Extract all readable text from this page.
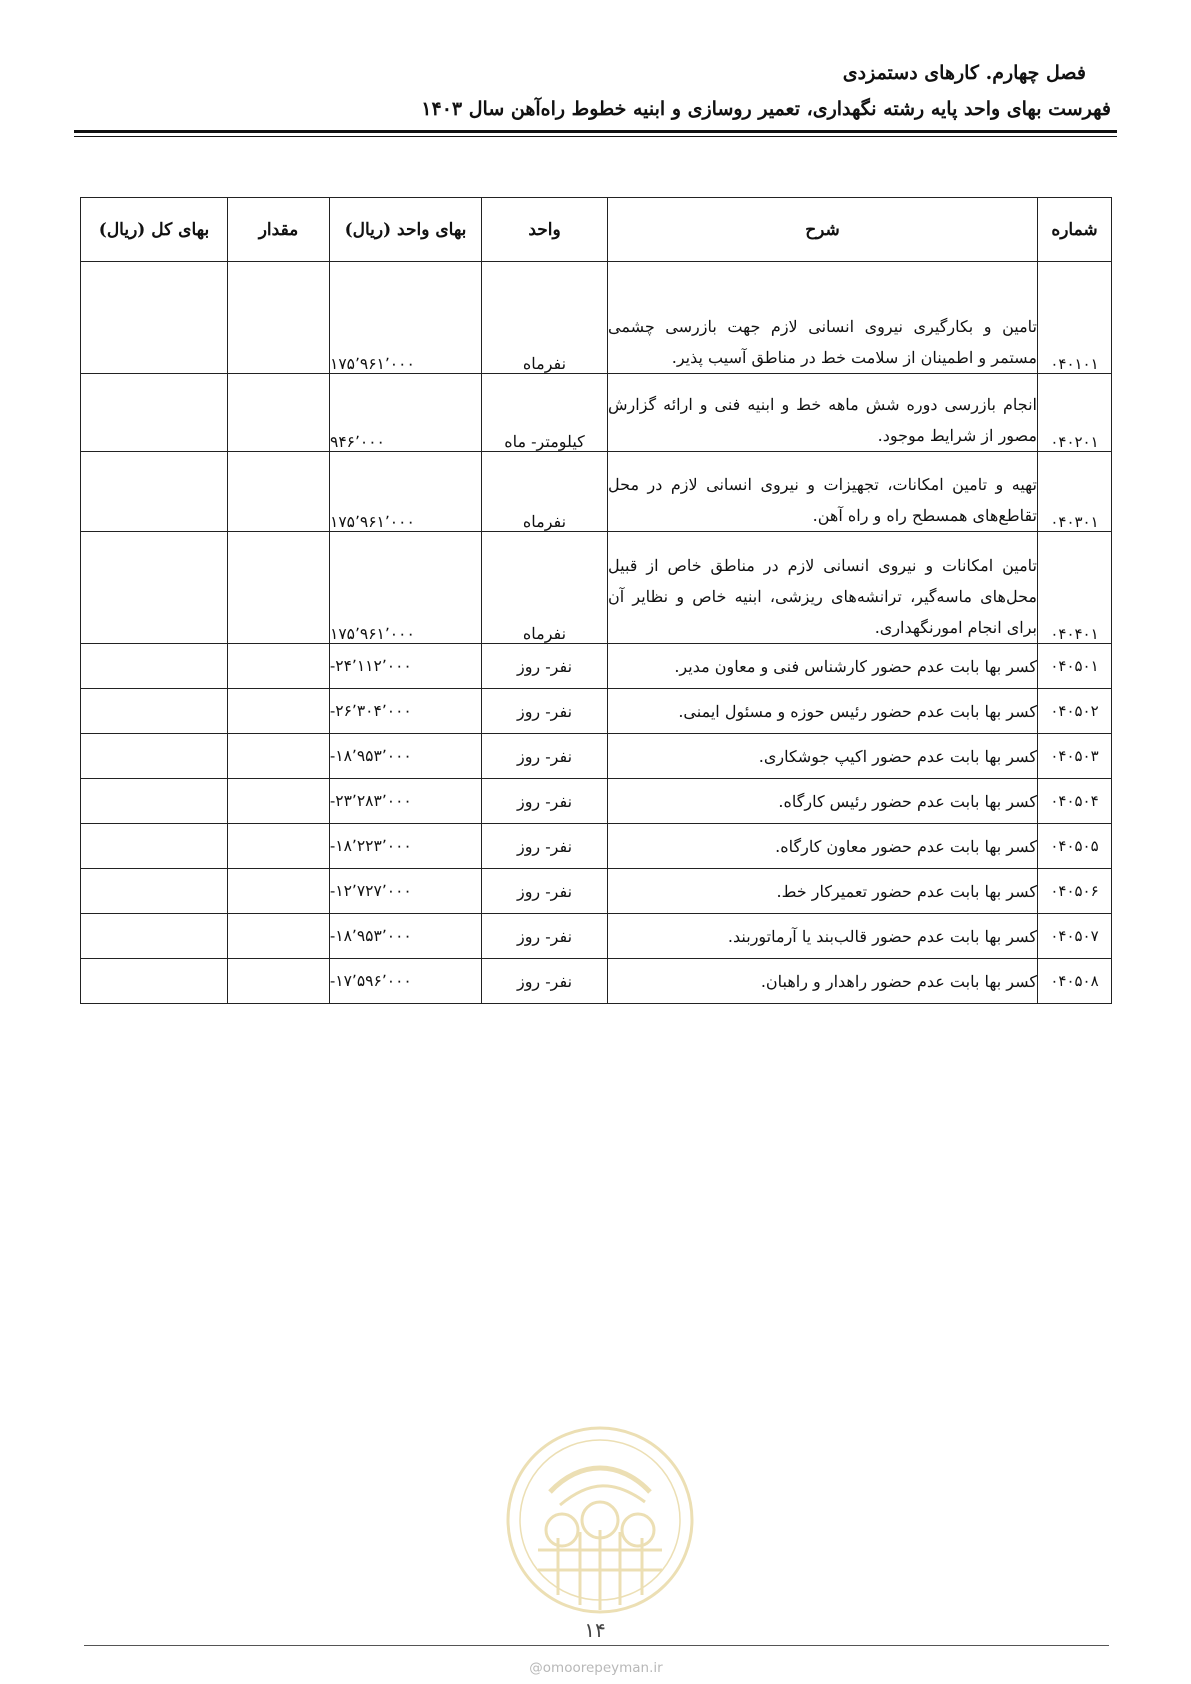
فصل چهارم. کارهای دستمزدی
فهرست بهای واحد پایه رشته نگهداری، تعمیر روسازی و ابنیه خطوط راه‌آهن سال ۱۴۰۳
شماره	شرح	واحد	بهای واحد (ریال)	مقدار	بهای کل (ریال)
۰۴۰۱۰۱	تامین و بکارگیری نیروی انسانی لازم جهت بازرسی چشمی مستمر و اطمینان از سلامت خط در مناطق آسیب پذیر.	نفرماه	۱۷۵٬۹۶۱٬۰۰۰		
۰۴۰۲۰۱	انجام بازرسی دوره شش ماهه خط و ابنیه فنی و ارائه گزارش مصور از شرایط موجود.	کیلومتر- ماه	۹۴۶٬۰۰۰		
۰۴۰۳۰۱	تهیه و تامین امکانات، تجهیزات و نیروی انسانی لازم در محل تقاطع‌های همسطح راه و راه آهن.	نفرماه	۱۷۵٬۹۶۱٬۰۰۰		
۰۴۰۴۰۱	تامین امکانات و نیروی انسانی لازم در مناطق خاص از قبیل محل‌های ماسه‌گیر، ترانشه‌های ریزشی، ابنیه خاص و نظایر آن برای انجام امورنگهداری.	نفرماه	۱۷۵٬۹۶۱٬۰۰۰		
۰۴۰۵۰۱	کسر بها بابت عدم حضور کارشناس فنی و معاون مدیر.	نفر- روز	-۲۴٬۱۱۲٬۰۰۰		
۰۴۰۵۰۲	کسر بها بابت عدم حضور رئیس حوزه و مسئول ایمنی.	نفر- روز	-۲۶٬۳۰۴٬۰۰۰		
۰۴۰۵۰۳	کسر بها بابت عدم حضور اکیپ جوشکاری.	نفر- روز	-۱۸٬۹۵۳٬۰۰۰		
۰۴۰۵۰۴	کسر بها بابت عدم حضور رئیس کارگاه.	نفر- روز	-۲۳٬۲۸۳٬۰۰۰		
۰۴۰۵۰۵	کسر بها بابت عدم حضور معاون کارگاه.	نفر- روز	-۱۸٬۲۲۳٬۰۰۰		
۰۴۰۵۰۶	کسر بها بابت عدم حضور تعمیرکار خط.	نفر- روز	-۱۲٬۷۲۷٬۰۰۰		
۰۴۰۵۰۷	کسر بها بابت عدم حضور قالب‌بند یا آرماتوربند.	نفر- روز	-۱۸٬۹۵۳٬۰۰۰		
۰۴۰۵۰۸	کسر بها بابت عدم حضور راهدار و راهبان.	نفر- روز	-۱۷٬۵۹۶٬۰۰۰		
۱۴
@omoorepeyman.ir
